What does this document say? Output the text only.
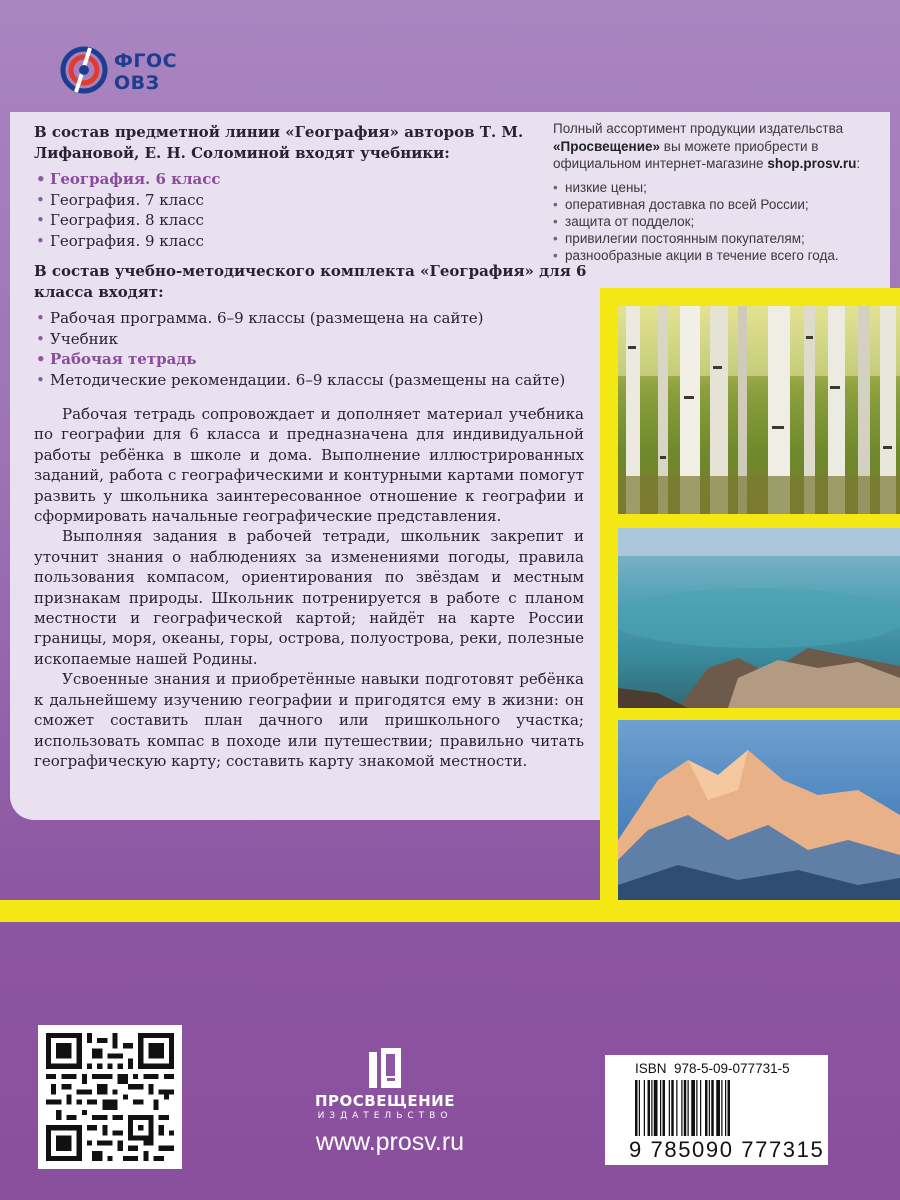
ФГОС
ОВЗ

В состав предметной линии «География» авторов Т. М. Лифановой, Е. Н. Соломиной входят учебники:

• География. 6 класс
• География. 7 класс
• География. 8 класс
• География. 9 класс

В состав учебно-методического комплекта «География» для 6 класса входят:

• Рабочая программа. 6–9 классы (размещена на сайте)
• Учебник
• Рабочая тетрадь
• Методические рекомендации. 6–9 классы (размещены на сайте)

Рабочая тетрадь сопровождает и дополняет материал учебника по географии для 6 класса и предназначена для индивидуальной работы ребёнка в школе и дома. Выполнение иллюстрированных заданий, работа с географическими и контурными картами помогут развить у школьника заинтересованное отношение к географии и сформировать начальные географические представления.

Выполняя задания в рабочей тетради, школьник закрепит и уточнит знания о наблюдениях за изменениями погоды, правила пользования компасом, ориентирования по звёздам и местным признакам природы. Школьник потренируется в работе с планом местности и географической картой; найдёт на карте России границы, моря, океаны, горы, острова, полуострова, реки, полезные ископаемые нашей Родины.

Усвоенные знания и приобретённые навыки подготовят ребёнка к дальнейшему изучению географии и пригодятся ему в жизни: он сможет составить план дачного или пришкольного участка; использовать компас в походе или путешествии; правильно читать географическую карту; составить карту знакомой местности.

Полный ассортимент продукции издательства «Просвещение» вы можете приобрести в официальном интернет-магазине shop.prosv.ru:
• низкие цены;
• оперативная доставка по всей России;
• защита от подделок;
• привилегии постоянным покупателям;
• разнообразные акции в течение всего года.
ПРОСВЕЩЕНИЕ
ИЗДАТЕЛЬСТВО
www.prosv.ru
ISBN  978-5-09-077731-5
9 785090 777315
